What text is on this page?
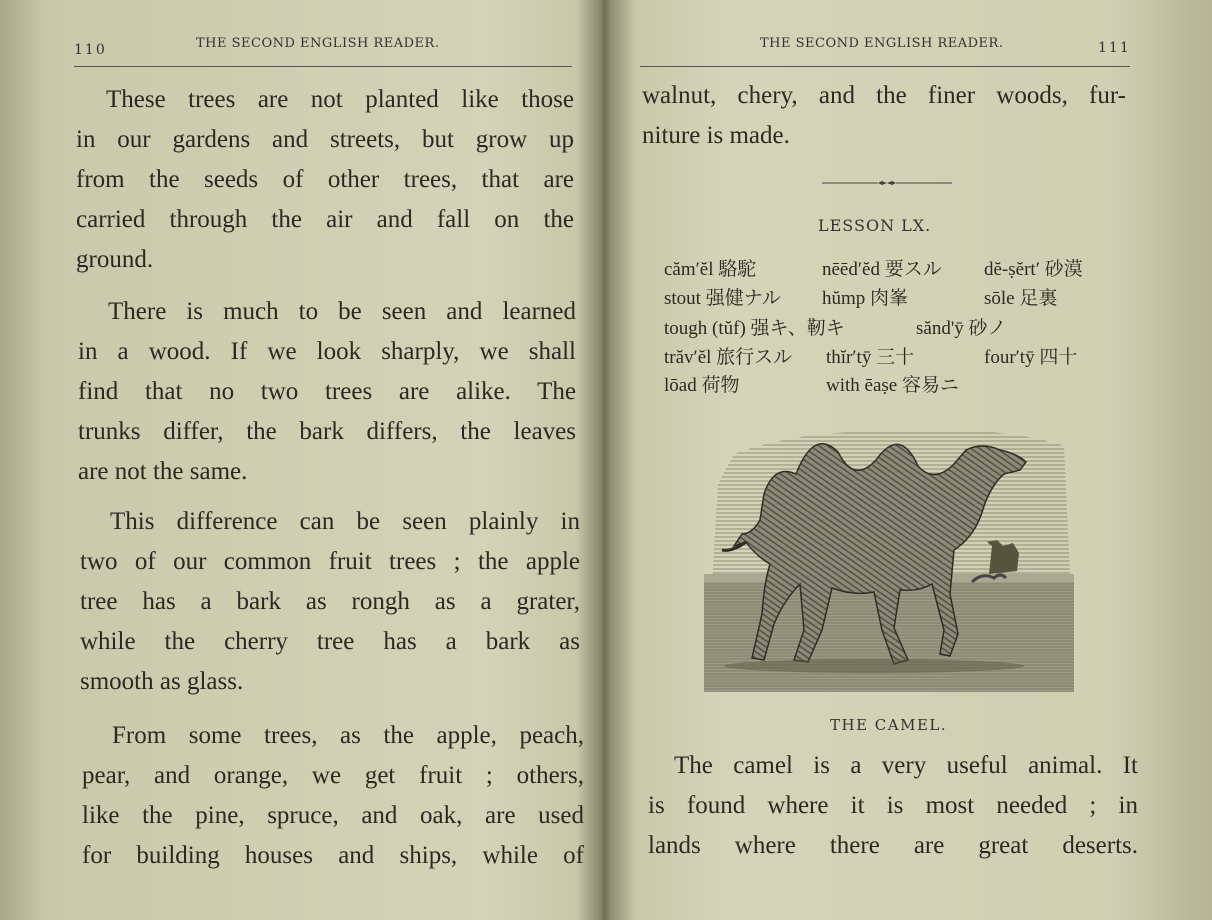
110	THE SECOND ENGLISH READER.
These trees are not planted like those
in our gardens and streets, but grow up
from the seeds of other trees, that are
carried through the air and fall on the
ground.
There is much to be seen and learned
in a wood. If we look sharply, we shall
find that no two trees are alike. The
trunks differ, the bark differs, the leaves
are not the same.
This difference can be seen plainly in
two of our common fruit trees ; the apple
tree has a bark as rongh as a grater,
while the cherry tree has a bark as
smooth as glass.
From some trees, as the apple, peach,
pear, and orange, we get fruit ; others,
like the pine, spruce, and oak, are used
for building houses and ships, while of
THE SECOND ENGLISH READER.	111
walnut, chery, and the finer woods, fur-
niture is made.
LESSON LX.
cămʹĕl 駱駝	nēēdʹĕd 要スル dĕ-ṣĕrtʹ 砂漠
stout 强健ナル hŭmp 肉峯	sōle 足裏
tough (tŭf) 强キ、靭キ	sănd'ȳ 砂ノ
trăvʹĕl 旅行スル thĭrʹtȳ 三十	fourʹtȳ 四十
lōad 荷物	with ēaṣe 容易ニ
THE CAMEL.
The camel is a very useful animal. It
is found where it is most needed ; in
lands where there are great deserts.
